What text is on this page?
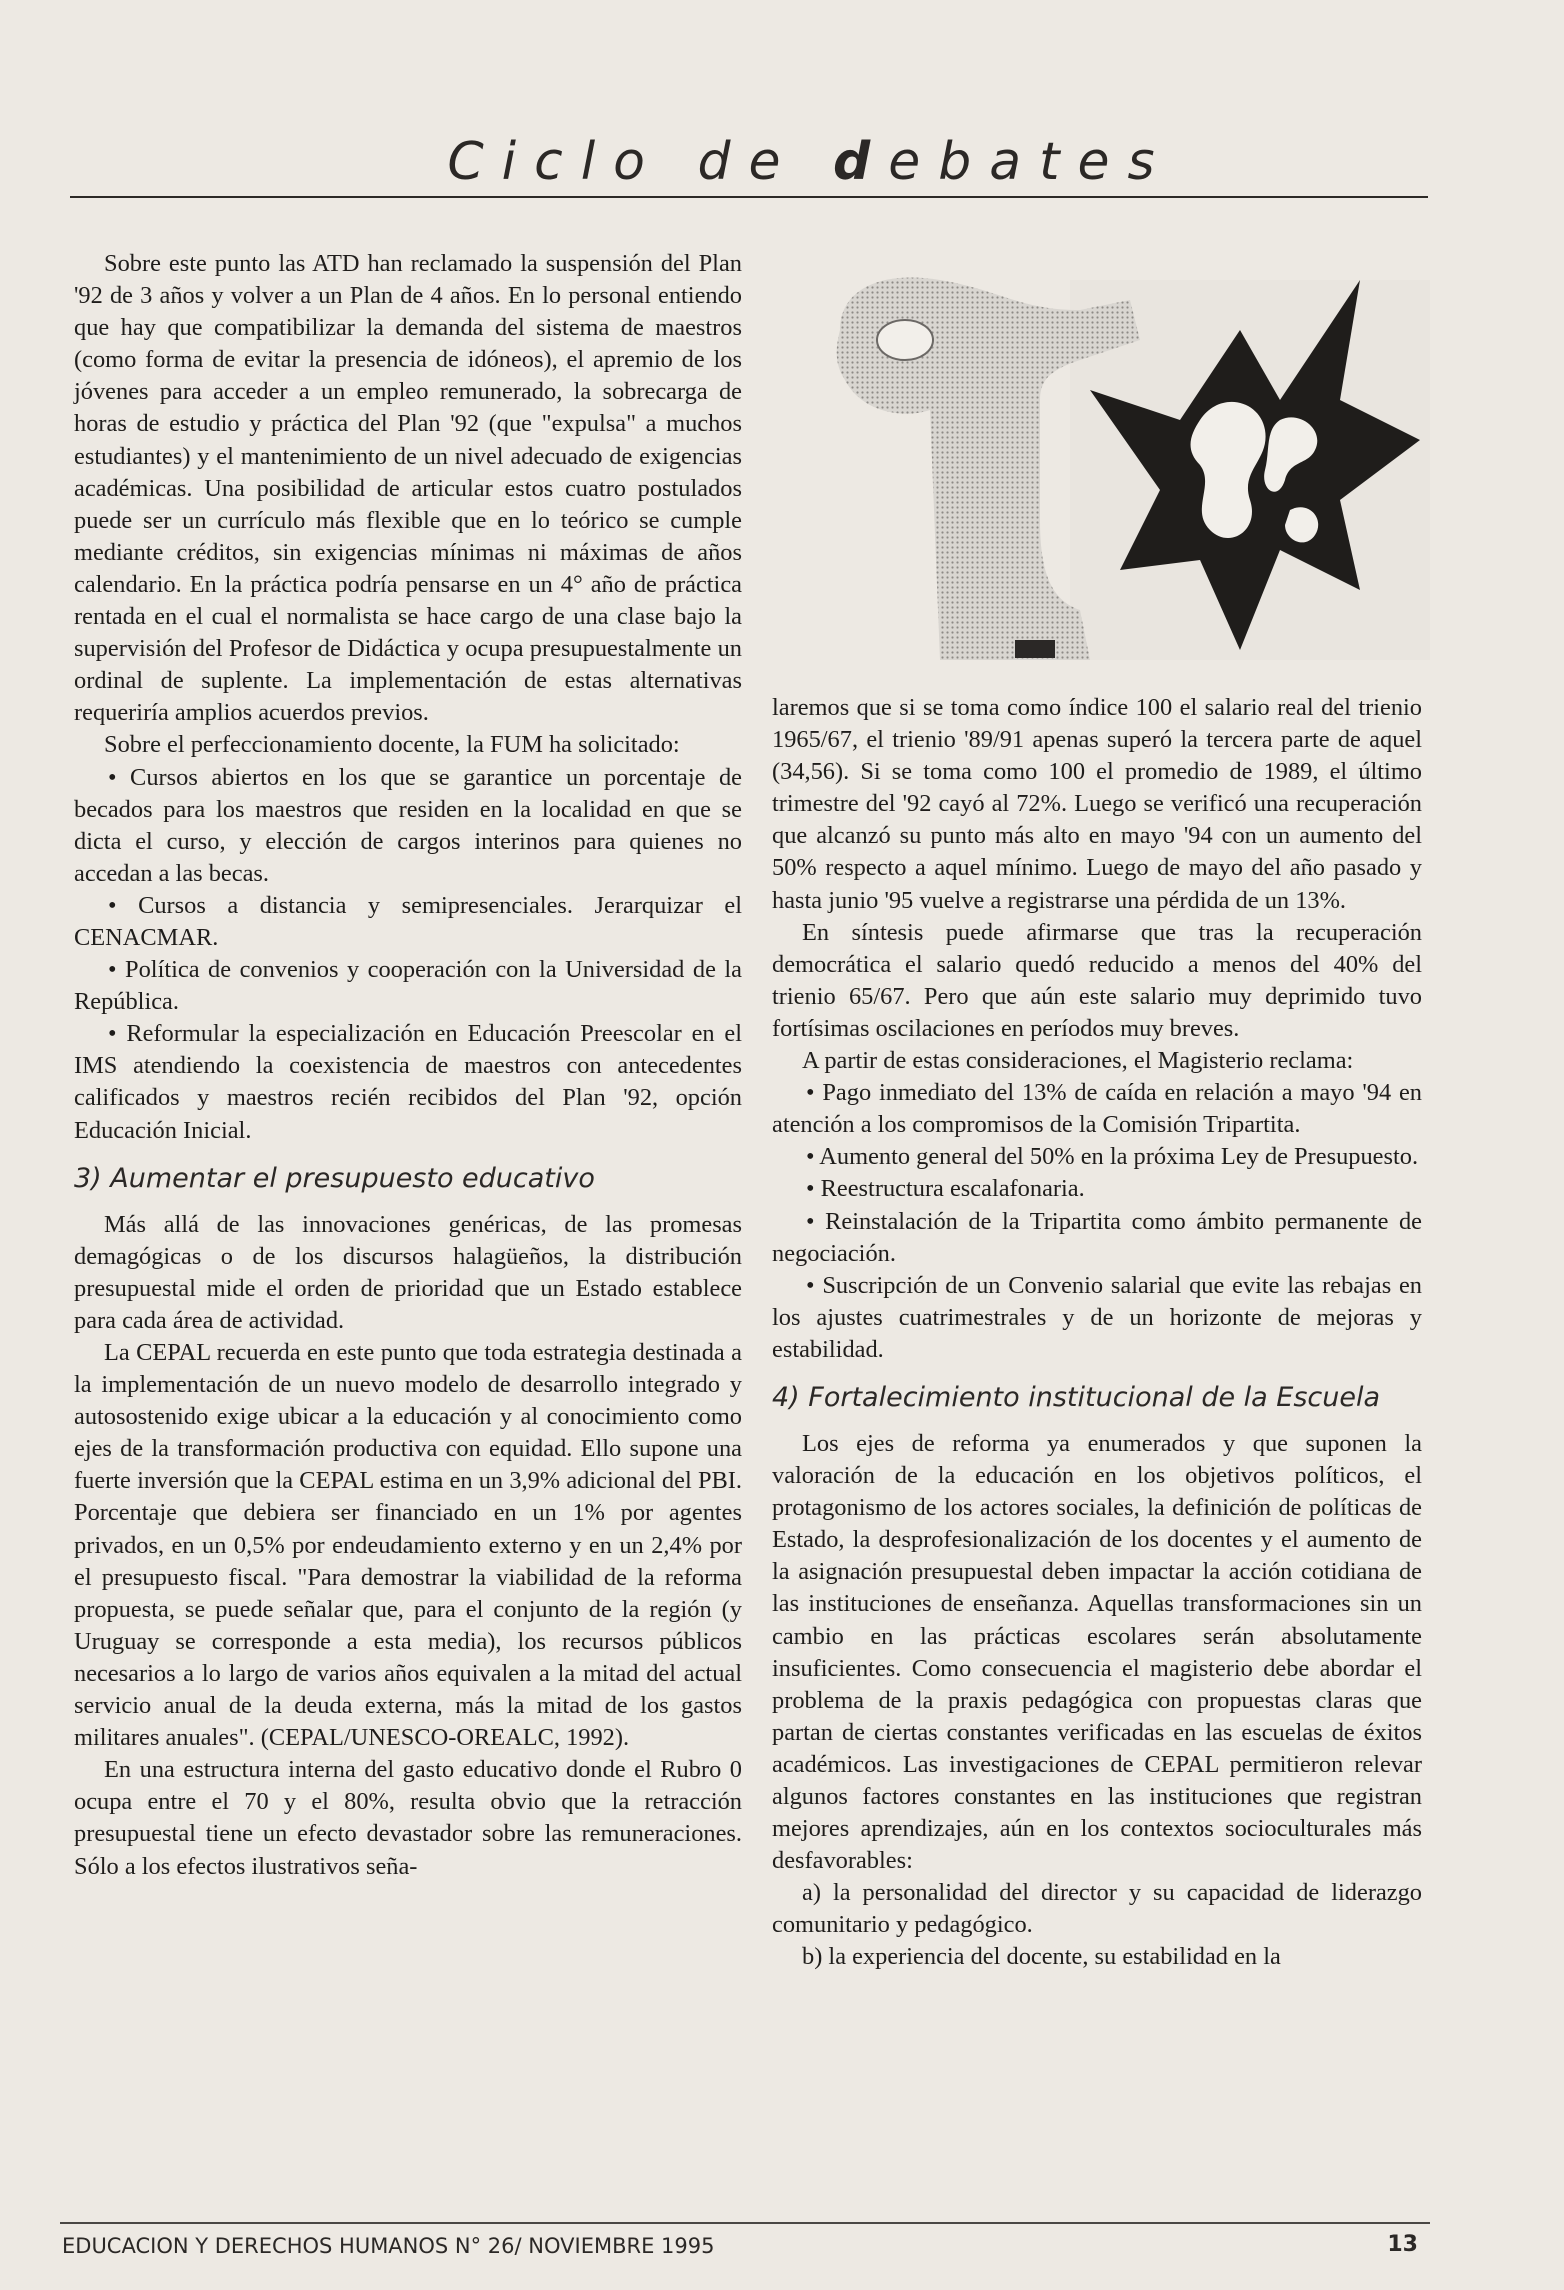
Ciclo de debates

Sobre este punto las ATD han reclamado la suspensión del Plan '92 de 3 años y volver a un Plan de 4 años. En lo personal entiendo que hay que compatibilizar la demanda del sistema de maestros (como forma de evitar la presencia de idóneos), el apremio de los jóvenes para acceder a un empleo remunerado, la sobrecarga de horas de estudio y práctica del Plan '92 (que "expulsa" a muchos estudiantes) y el mantenimiento de un nivel adecuado de exigencias académicas. Una posibilidad de articular estos cuatro postulados puede ser un currículo más flexible que en lo teórico se cumple mediante créditos, sin exigencias mínimas ni máximas de años calendario. En la práctica podría pensarse en un 4° año de práctica rentada en el cual el normalista se hace cargo de una clase bajo la supervisión del Profesor de Didáctica y ocupa presupuestalmente un ordinal de suplente. La implementación de estas alternativas requeriría amplios acuerdos previos.

Sobre el perfeccionamiento docente, la FUM ha solicitado:

• Cursos abiertos en los que se garantice un porcentaje de becados para los maestros que residen en la localidad en que se dicta el curso, y elección de cargos interinos para quienes no accedan a las becas.

• Cursos a distancia y semipresenciales. Jerarquizar el CENACMAR.

• Política de convenios y cooperación con la Universidad de la República.

• Reformular la especialización en Educación Preescolar en el IMS atendiendo la coexistencia de maestros con antecedentes calificados y maestros recién recibidos del Plan '92, opción Educación Inicial.

3) Aumentar el presupuesto educativo

Más allá de las innovaciones genéricas, de las promesas demagógicas o de los discursos halagüeños, la distribución presupuestal mide el orden de prioridad que un Estado establece para cada área de actividad.

La CEPAL recuerda en este punto que toda estrategia destinada a la implementación de un nuevo modelo de desarrollo integrado y autosostenido exige ubicar a la educación y al conocimiento como ejes de la transformación productiva con equidad. Ello supone una fuerte inversión que la CEPAL estima en un 3,9% adicional del PBI. Porcentaje que debiera ser financiado en un 1% por agentes privados, en un 0,5% por endeudamiento externo y en un 2,4% por el presupuesto fiscal. "Para demostrar la viabilidad de la reforma propuesta, se puede señalar que, para el conjunto de la región (y Uruguay se corresponde a esta media), los recursos públicos necesarios a lo largo de varios años equivalen a la mitad del actual servicio anual de la deuda externa, más la mitad de los gastos militares anuales". (CEPAL/UNESCO-OREALC, 1992).

En una estructura interna del gasto educativo donde el Rubro 0 ocupa entre el 70 y el 80%, resulta obvio que la retracción presupuestal tiene un efecto devastador sobre las remuneraciones. Sólo a los efectos ilustrativos seña-

laremos que si se toma como índice 100 el salario real del trienio 1965/67, el trienio '89/91 apenas superó la tercera parte de aquel (34,56). Si se toma como 100 el promedio de 1989, el último trimestre del '92 cayó al 72%. Luego se verificó una recuperación que alcanzó su punto más alto en mayo '94 con un aumento del 50% respecto a aquel mínimo. Luego de mayo del año pasado y hasta junio '95 vuelve a registrarse una pérdida de un 13%.

En síntesis puede afirmarse que tras la recuperación democrática el salario quedó reducido a menos del 40% del trienio 65/67. Pero que aún este salario muy deprimido tuvo fortísimas oscilaciones en períodos muy breves.

A partir de estas consideraciones, el Magisterio reclama:

• Pago inmediato del 13% de caída en relación a mayo '94 en atención a los compromisos de la Comisión Tripartita.

• Aumento general del 50% en la próxima Ley de Presupuesto.

• Reestructura escalafonaria.

• Reinstalación de la Tripartita como ámbito permanente de negociación.

• Suscripción de un Convenio salarial que evite las rebajas en los ajustes cuatrimestrales y de un horizonte de mejoras y estabilidad.

4) Fortalecimiento institucional de la Escuela

Los ejes de reforma ya enumerados y que suponen la valoración de la educación en los objetivos políticos, el protagonismo de los actores sociales, la definición de políticas de Estado, la desprofesionalización de los docentes y el aumento de la asignación presupuestal deben impactar la acción cotidiana de las instituciones de enseñanza. Aquellas transformaciones sin un cambio en las prácticas escolares serán absolutamente insuficientes. Como consecuencia el magisterio debe abordar el problema de la praxis pedagógica con propuestas claras que partan de ciertas constantes verificadas en las escuelas de éxitos académicos. Las investigaciones de CEPAL permitieron relevar algunos factores constantes en las instituciones que registran mejores aprendizajes, aún en los contextos socioculturales más desfavorables:

a) la personalidad del director y su capacidad de liderazgo comunitario y pedagógico.

b) la experiencia del docente, su estabilidad en la

EDUCACION Y DERECHOS HUMANOS N° 26/ NOVIEMBRE 1995	13
